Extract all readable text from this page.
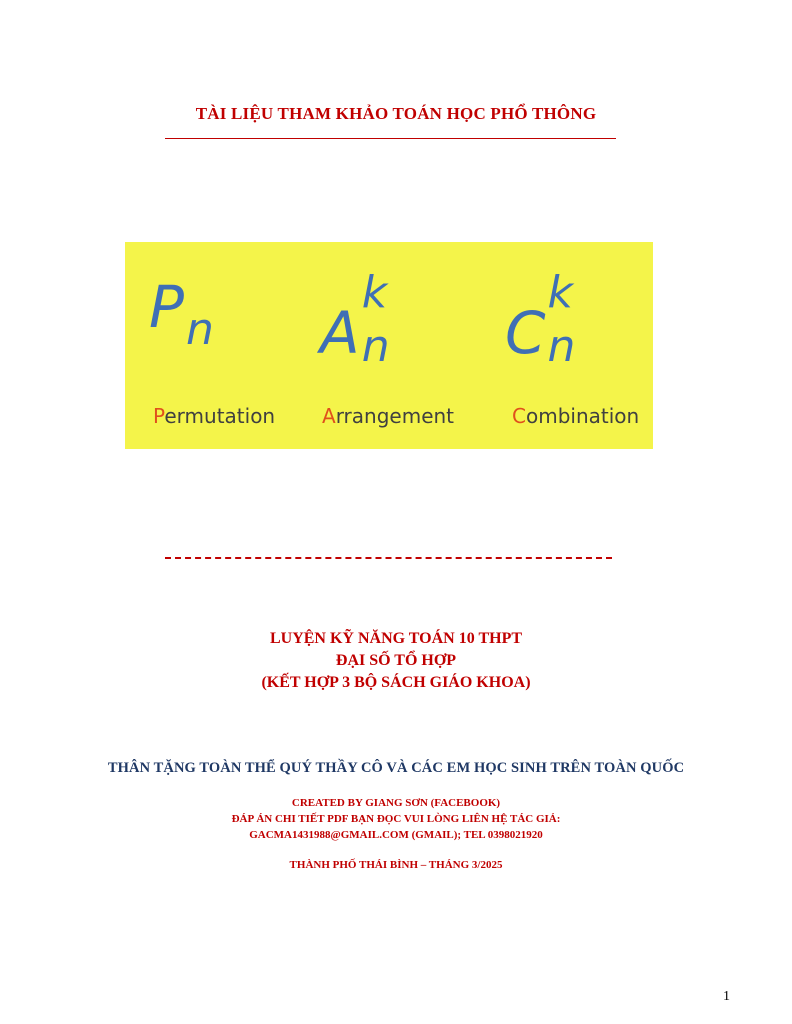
TÀI LIỆU THAM KHẢO TOÁN HỌC PHỔ THÔNG
P n A
k
n C
k
n
Permutation Arrangement	Combination
LUYỆN KỸ NĂNG TOÁN 10 THPT
ĐẠI SỐ TỔ HỢP
(KẾT HỢP 3 BỘ SÁCH GIÁO KHOA)
THÂN TẶNG TOÀN THỂ QUÝ THẦY CÔ VÀ CÁC EM HỌC SINH TRÊN TOÀN QUỐC
CREATED BY GIANG SƠN (FACEBOOK)
ĐÁP ÁN CHI TIẾT PDF BẠN ĐỌC VUI LÒNG LIÊN HỆ TÁC GIẢ:
GACMA1431988@GMAIL.COM (GMAIL); TEL 0398021920
THÀNH PHỐ THÁI BÌNH – THÁNG 3/2025
1
